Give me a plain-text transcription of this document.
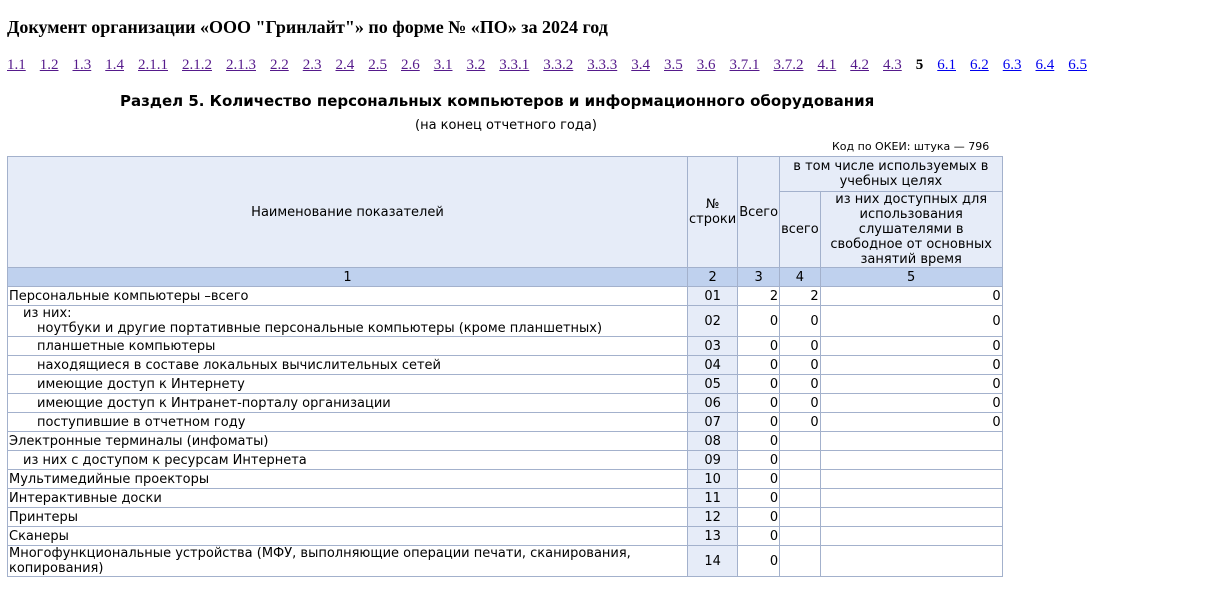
Документ организации «ООО "Гринлайт"» по форме № «ПО» за 2024 год
1.1 1.2 1.3 1.4 2.1.1 2.1.2 2.1.3 2.2 2.3 2.4 2.5 2.6 3.1 3.2 3.3.1 3.3.2 3.3.3 3.4 3.5 3.6 3.7.1 3.7.2 4.1 4.2 4.3 5 6.1 6.2 6.3 6.4 6.5
Раздел 5. Количество персональных компьютеров и информационного оборудования
(на конец отчетного года)
Код по ОКЕИ: штука — 796
Наименование показателей	№ строки	Всего	в том числе используемых в учебных целях	
			всего	из них доступных для использования слушателями в свободное от основных занятий время
1	2	3	4	5

Персональные компьютеры –всего	01	2	2	0

из них:
ноутбуки и другие портативные персональные компьютеры (кроме планшетных)	02	0	0	0

планшетные компьютеры	03	0	0	0

находящиеся в составе локальных вычислительных сетей	04	0	0	0

имеющие доступ к Интернету	05	0	0	0

имеющие доступ к Интранет-порталу организации	06	0	0	0

поступившие в отчетном году	07	0	0	0

Электронные терминалы (инфоматы)	08	0		

из них с доступом к ресурсам Интернета	09	0		

Мультимедийные проекторы	10	0		

Интерактивные доски	11	0		

Принтеры	12	0		

Сканеры	13	0		

Многофункциональные устройства (МФУ, выполняющие операции печати, сканирования, копирования)	14	0		
